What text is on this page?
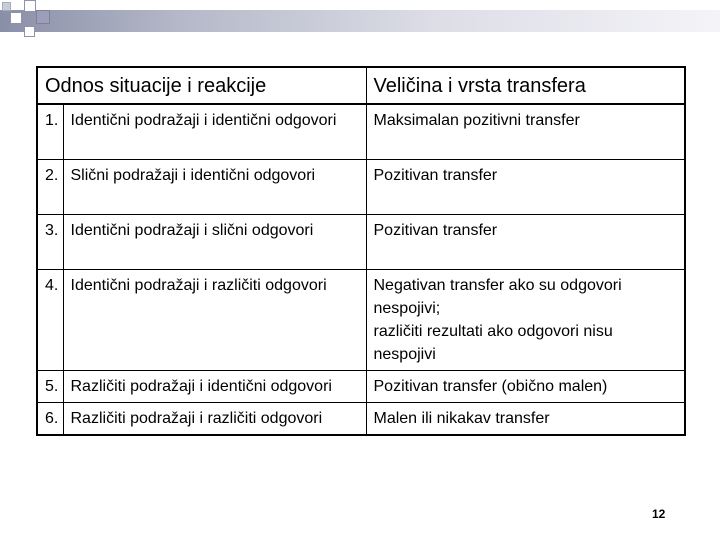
Odnos situacije i reakcije		Veličina i vrsta transfera
1.	Identični podražaji i identični odgovori	Maksimalan pozitivni transfer

2.	Slični podražaji i identični odgovori	Pozitivan transfer

3.	Identični podražaji i slični odgovori	Pozitivan transfer

4.	Identični podražaji i različiti odgovori	Negativan transfer ako su odgovori nespojivi;
različiti rezultati ako odgovori nisu nespojivi

5.	Različiti podražaji i identični odgovori	Pozitivan transfer (obično malen)

6.	Različiti podražaji i različiti odgovori	Malen ili nikakav transfer
12
